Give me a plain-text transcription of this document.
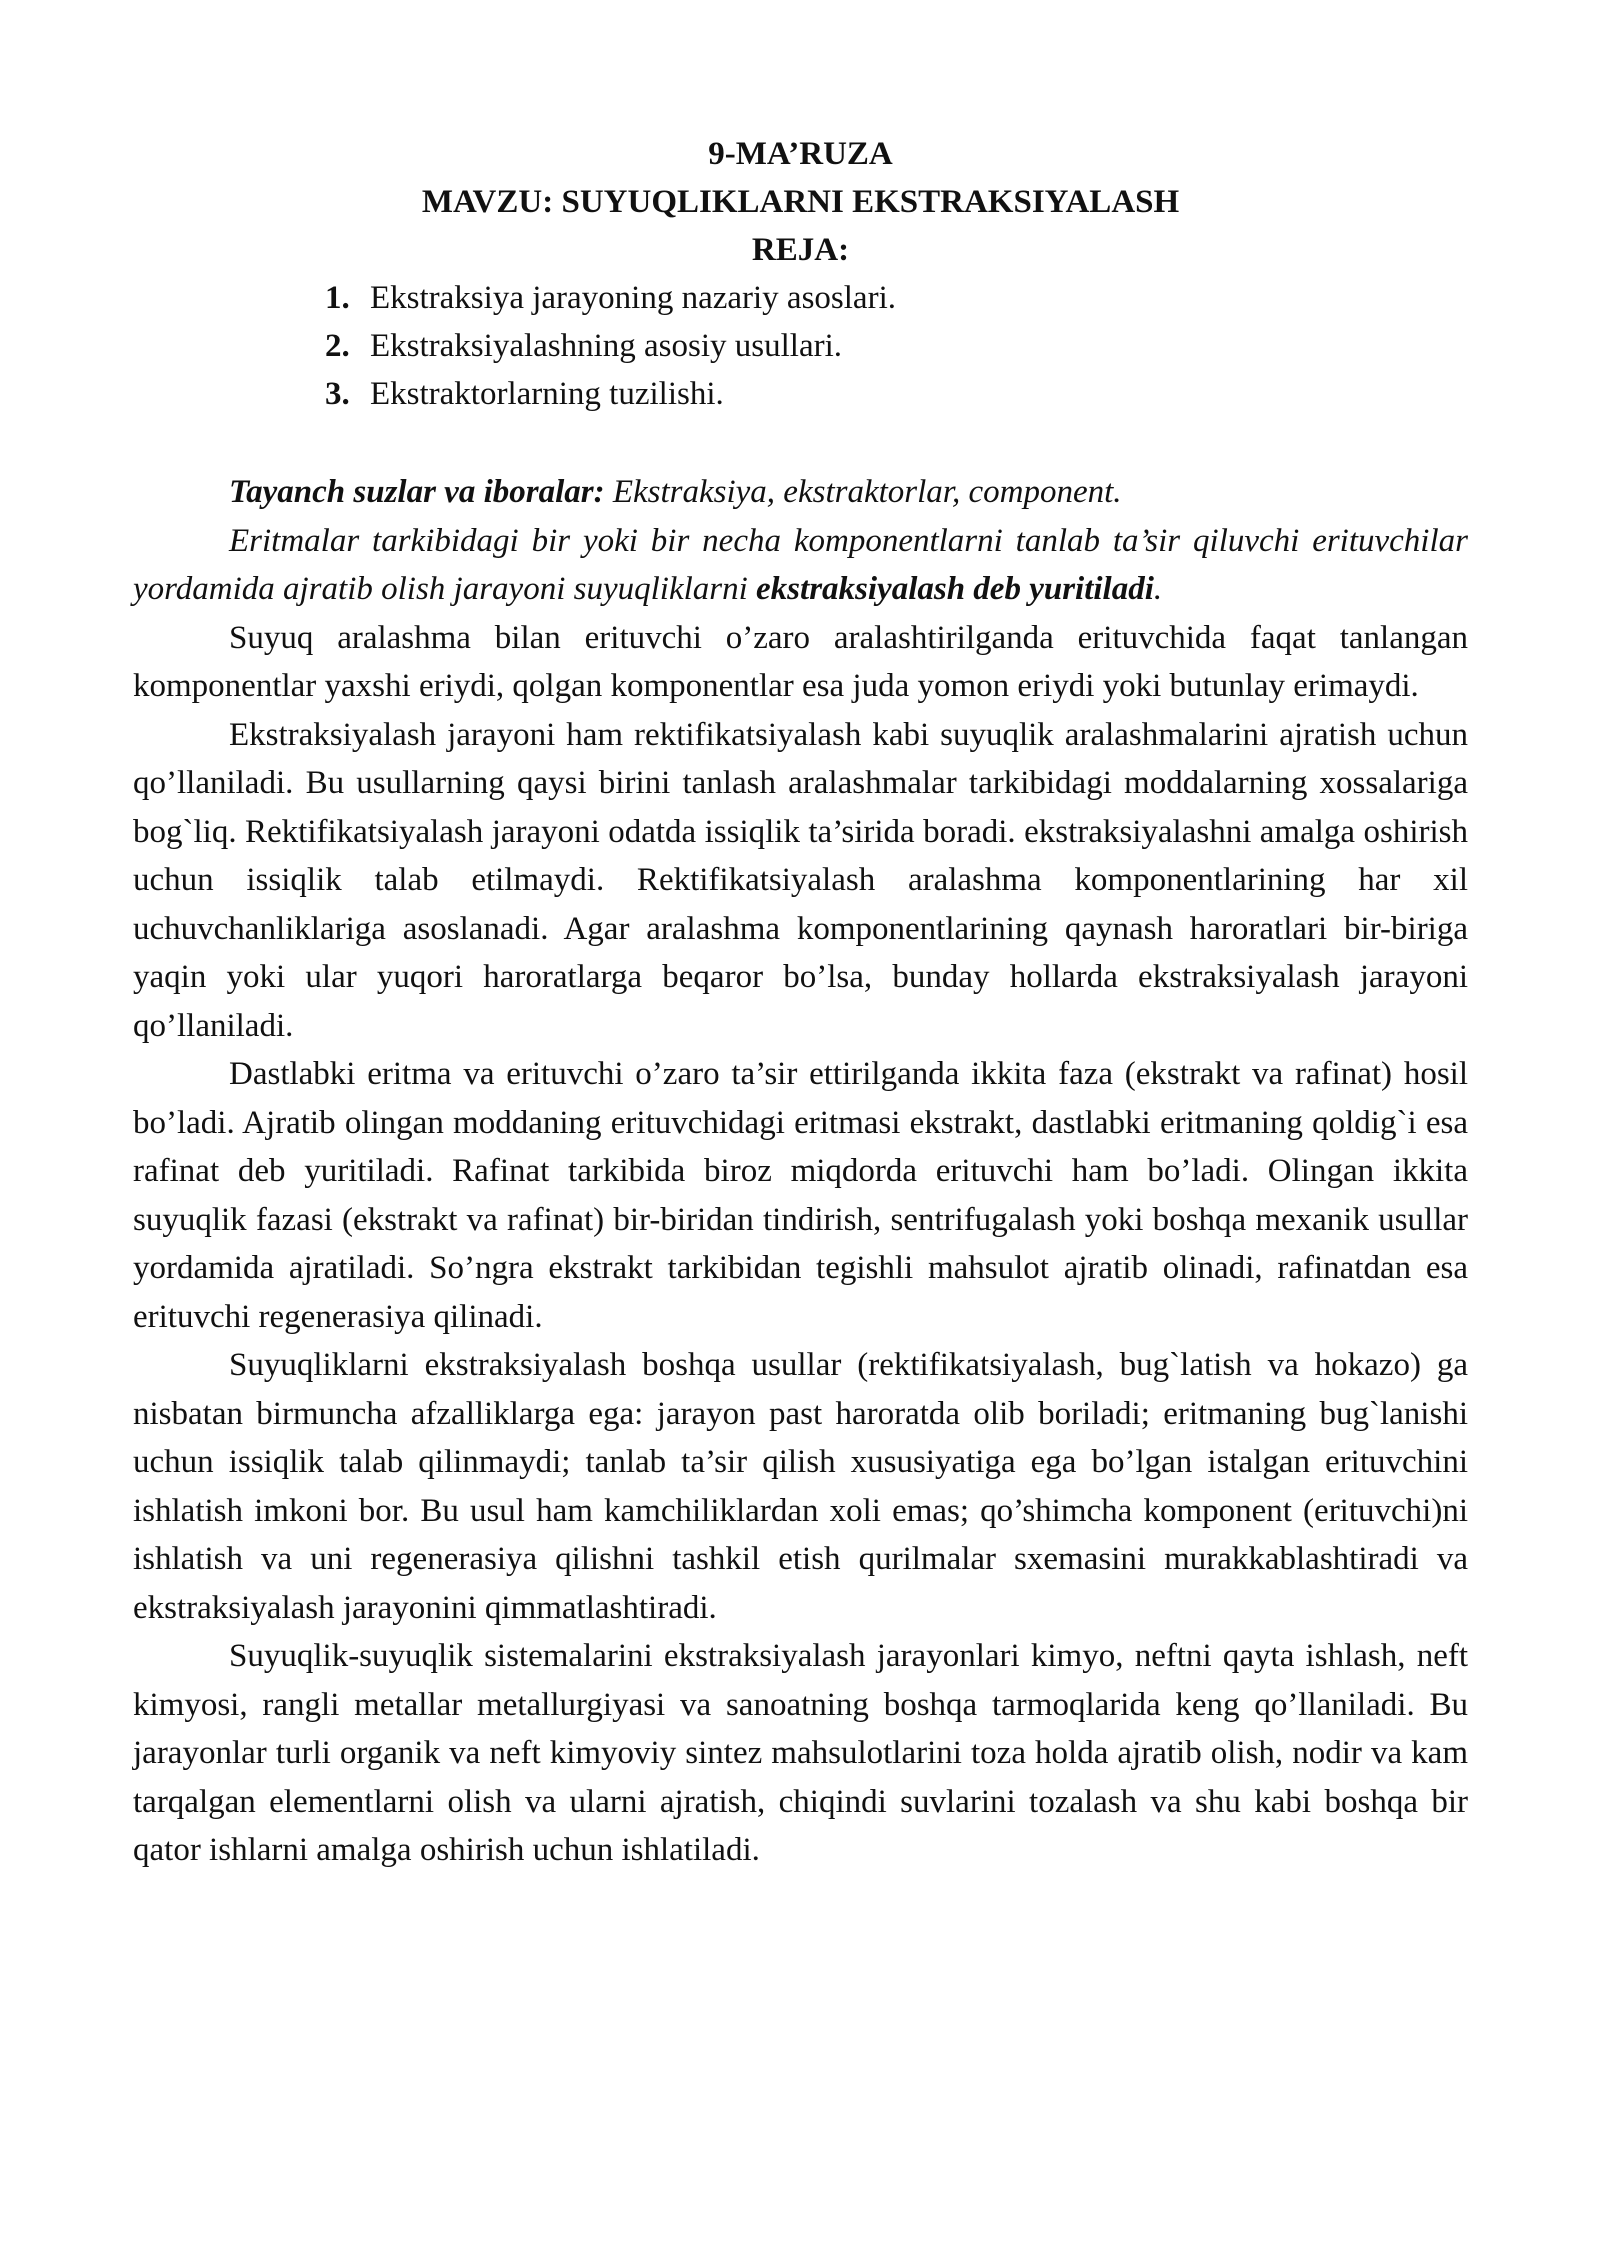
9-MA’RUZA
MAVZU: SUYUQLIKLARNI EKSTRAKSIYALASH
REJA:
1. Ekstraksiya jarayoning nazariy asoslari.
2. Ekstraksiyalashning asosiy usullari.
3. Ekstraktorlarning tuzilishi.

Tayanch suzlar va iboralar: Ekstraksiya, ekstraktorlar, component.

Eritmalar tarkibidagi bir yoki bir necha komponentlarni tanlab ta’sir qiluvchi erituvchilar yordamida ajratib olish jarayoni suyuqliklarni ekstraksiyalash deb yuritiladi.

Suyuq aralashma bilan erituvchi o’zaro aralashtirilganda erituvchida faqat tanlangan komponentlar yaxshi eriydi, qolgan komponentlar esa juda yomon eriydi yoki butunlay erimaydi.

Ekstraksiyalash jarayoni ham rektifikatsiyalash kabi suyuqlik aralashmalarini ajratish uchun qo’llaniladi. Bu usullarning qaysi birini tanlash aralashmalar tarkibidagi moddalarning xossalariga bog`liq. Rektifikatsiyalash jarayoni odatda issiqlik ta’sirida boradi. ekstraksiyalashni amalga oshirish uchun issiqlik talab etilmaydi. Rektifikatsiyalash aralashma komponentlarining har xil uchuvchanliklariga asoslanadi. Agar aralashma komponentlarining qaynash haroratlari bir-biriga yaqin yoki ular yuqori haroratlarga beqaror bo’lsa, bunday hollarda ekstraksiyalash jarayoni qo’llaniladi.

Dastlabki eritma va erituvchi o’zaro ta’sir ettirilganda ikkita faza (ekstrakt va rafinat) hosil bo’ladi. Ajratib olingan moddaning erituvchidagi eritmasi ekstrakt, dastlabki eritmaning qoldig`i esa rafinat deb yuritiladi. Rafinat tarkibida biroz miqdorda erituvchi ham bo’ladi. Olingan ikkita suyuqlik fazasi (ekstrakt va rafinat) bir-biridan tindirish, sentrifugalash yoki boshqa mexanik usullar yordamida ajratiladi. So’ngra ekstrakt tarkibidan tegishli mahsulot ajratib olinadi, rafinatdan esa erituvchi regenerasiya qilinadi.

Suyuqliklarni ekstraksiyalash boshqa usullar (rektifikatsiyalash, bug`latish va hokazo) ga nisbatan birmuncha afzalliklarga ega: jarayon past haroratda olib boriladi; eritmaning bug`lanishi uchun issiqlik talab qilinmaydi; tanlab ta’sir qilish xususiyatiga ega bo’lgan istalgan erituvchini ishlatish imkoni bor. Bu usul ham kamchiliklardan xoli emas; qo’shimcha komponent (erituvchi)ni ishlatish va uni regenerasiya qilishni tashkil etish qurilmalar sxemasini murakkablashtiradi va ekstraksiyalash jarayonini qimmatlashtiradi.

Suyuqlik-suyuqlik sistemalarini ekstraksiyalash jarayonlari kimyo, neftni qayta ishlash, neft kimyosi, rangli metallar metallurgiyasi va sanoatning boshqa tarmoqlarida keng qo’llaniladi. Bu jarayonlar turli organik va neft kimyoviy sintez mahsulotlarini toza holda ajratib olish, nodir va kam tarqalgan elementlarni olish va ularni ajratish, chiqindi suvlarini tozalash va shu kabi boshqa bir qator ishlarni amalga oshirish uchun ishlatiladi.
